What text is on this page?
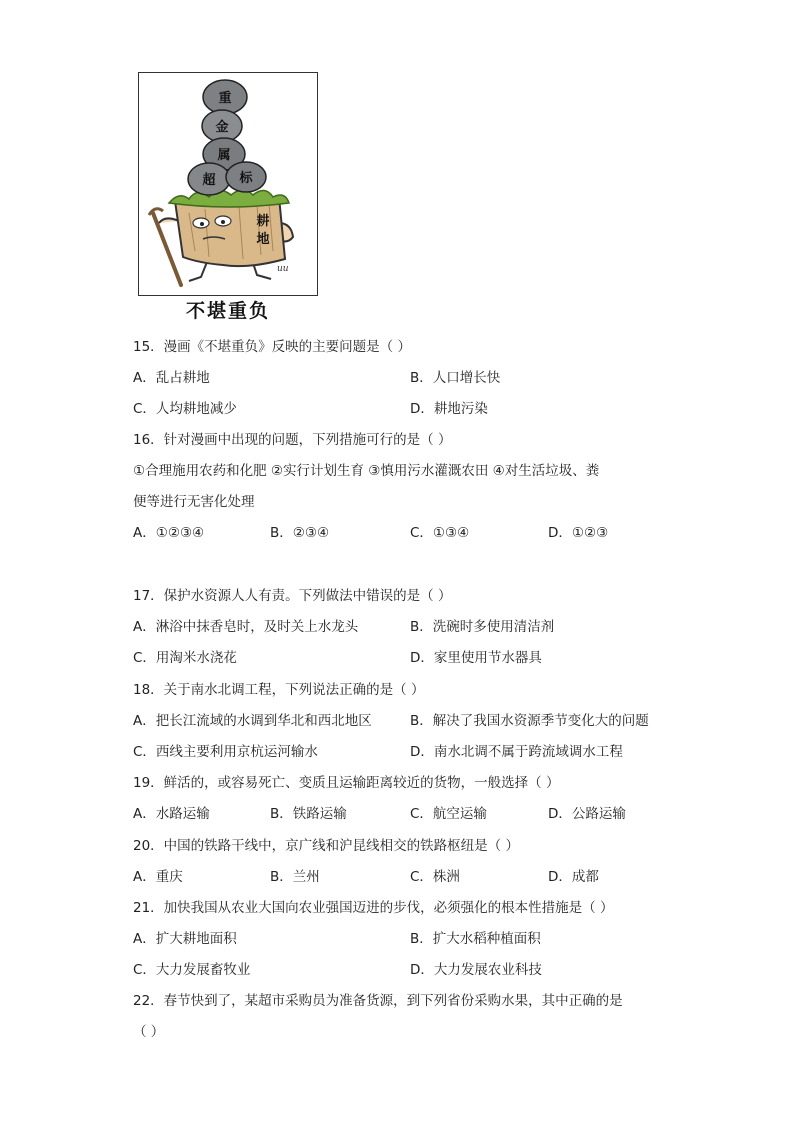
重
金
属
超 标
耕
地
uu
不堪重负
15．漫画《不堪重负》反映的主要问题是（ ）
A．乱占耕地	B．人口增长快
C．人均耕地减少	D．耕地污染
16．针对漫画中出现的问题，下列措施可行的是（ ）
①合理施用农药和化肥 ②实行计划生育 ③慎用污水灌溉农田 ④对生活垃圾、粪
便等进行无害化处理
A．①②③④	B．②③④	C．①③④	D．①②③
17．保护水资源人人有责。下列做法中错误的是（ ）
A．淋浴中抹香皂时，及时关上水龙头	B．洗碗时多使用清洁剂
C．用淘米水浇花	D．家里使用节水器具
18．关于南水北调工程，下列说法正确的是（ ）
A．把长江流域的水调到华北和西北地区	B．解决了我国水资源季节变化大的问题
C．西线主要利用京杭运河输水	D．南水北调不属于跨流域调水工程
19．鲜活的，或容易死亡、变质且运输距离较近的货物，一般选择（ ）
A．水路运输	B．铁路运输	C．航空运输	D．公路运输
20．中国的铁路干线中，京广线和沪昆线相交的铁路枢纽是（ ）
A．重庆	B．兰州	C．株洲	D．成都
21．加快我国从农业大国向农业强国迈进的步伐，必须强化的根本性措施是（ ）
A．扩大耕地面积	B．扩大水稻种植面积
C．大力发展畜牧业	D．大力发展农业科技
22．春节快到了，某超市采购员为准备货源，到下列省份采购水果，其中正确的是
（ ）
